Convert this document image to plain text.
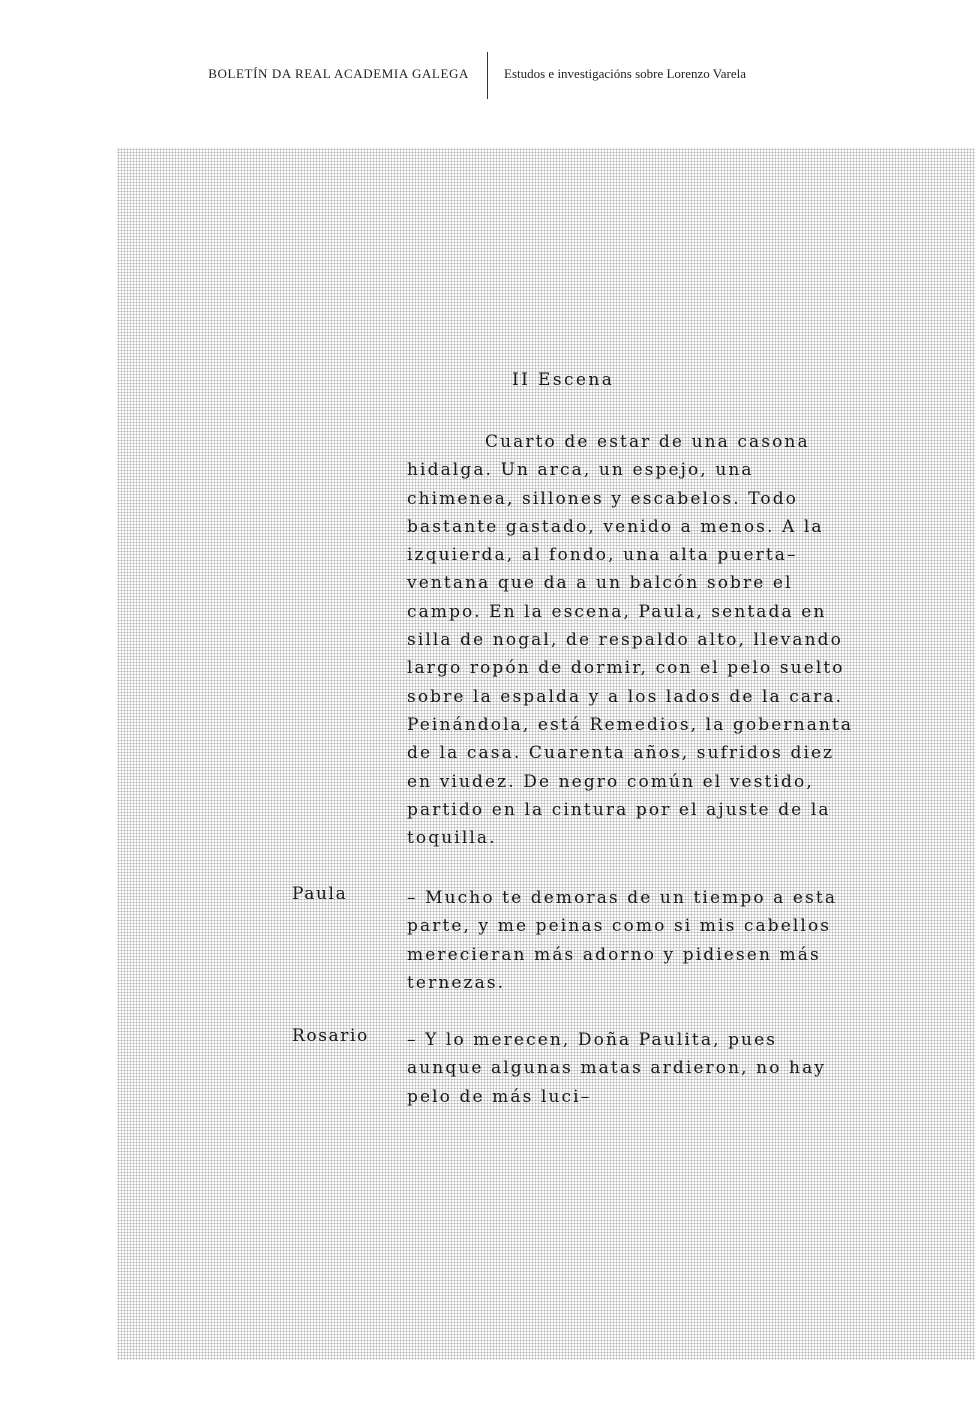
BOLETÍN DA REAL ACADEMIA GALEGA	Estudos e investigacións sobre Lorenzo Varela
II Escena
Cuarto de estar de una casona
hidalga. Un arca, un espejo, una
chimenea, sillones y escabelos. Todo
bastante gastado, venido a menos. A la
izquierda, al fondo, una alta puerta–
ventana que da a un balcón sobre el
campo. En la escena, Paula, sentada en
silla de nogal, de respaldo alto, llevando
largo ropón de dormir, con el pelo suelto
sobre la espalda y a los lados de la cara.
Peinándola, está Remedios, la gobernanta
de la casa. Cuarenta años, sufridos diez
en viudez. De negro común el vestido,
partido en la cintura por el ajuste de la
toquilla.
Paula	– Mucho te demoras de un tiempo a esta
parte, y me peinas como si mis cabellos
merecieran más adorno y pidiesen más
ternezas.
Rosario	– Y lo merecen, Doña Paulita, pues
aunque algunas matas ardieron, no hay
pelo de más luci–
